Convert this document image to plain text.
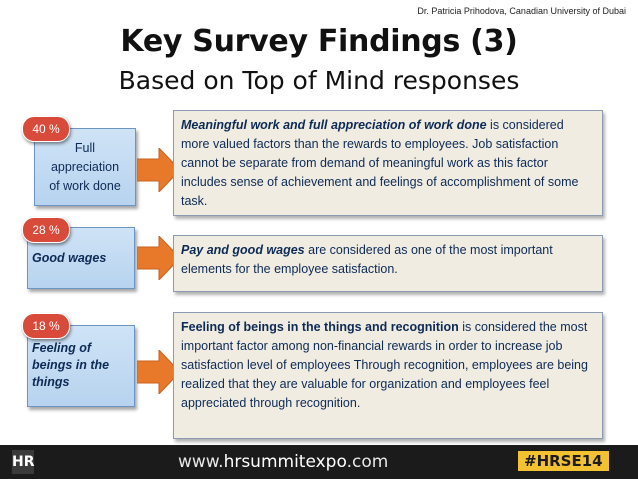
Dr. Patricia Prihodova, Canadian University of Dubai
Key Survey Findings (3)
Based on Top of Mind responses
Full
appreciation
of work done
40 %	Meaningful work and full appreciation of work done is considered more valued factors than the rewards to employees. Job satisfaction cannot be separate from demand of meaningful work as this factor includes sense of achievement and feelings of accomplishment of some task.
Good wages
28 %
Pay and good wages are considered as one of the most important elements for the employee satisfaction.
Feeling of
beings in the
things
18 %	Feeling of beings in the things and recognition is considered the most important factor among non-financial rewards in order to increase job satisfaction level of employees Through recognition, employees are being realized that they are valuable for organization and employees feel appreciated through recognition.
HR	www.hrsummitexpo.com	#HRSE14
